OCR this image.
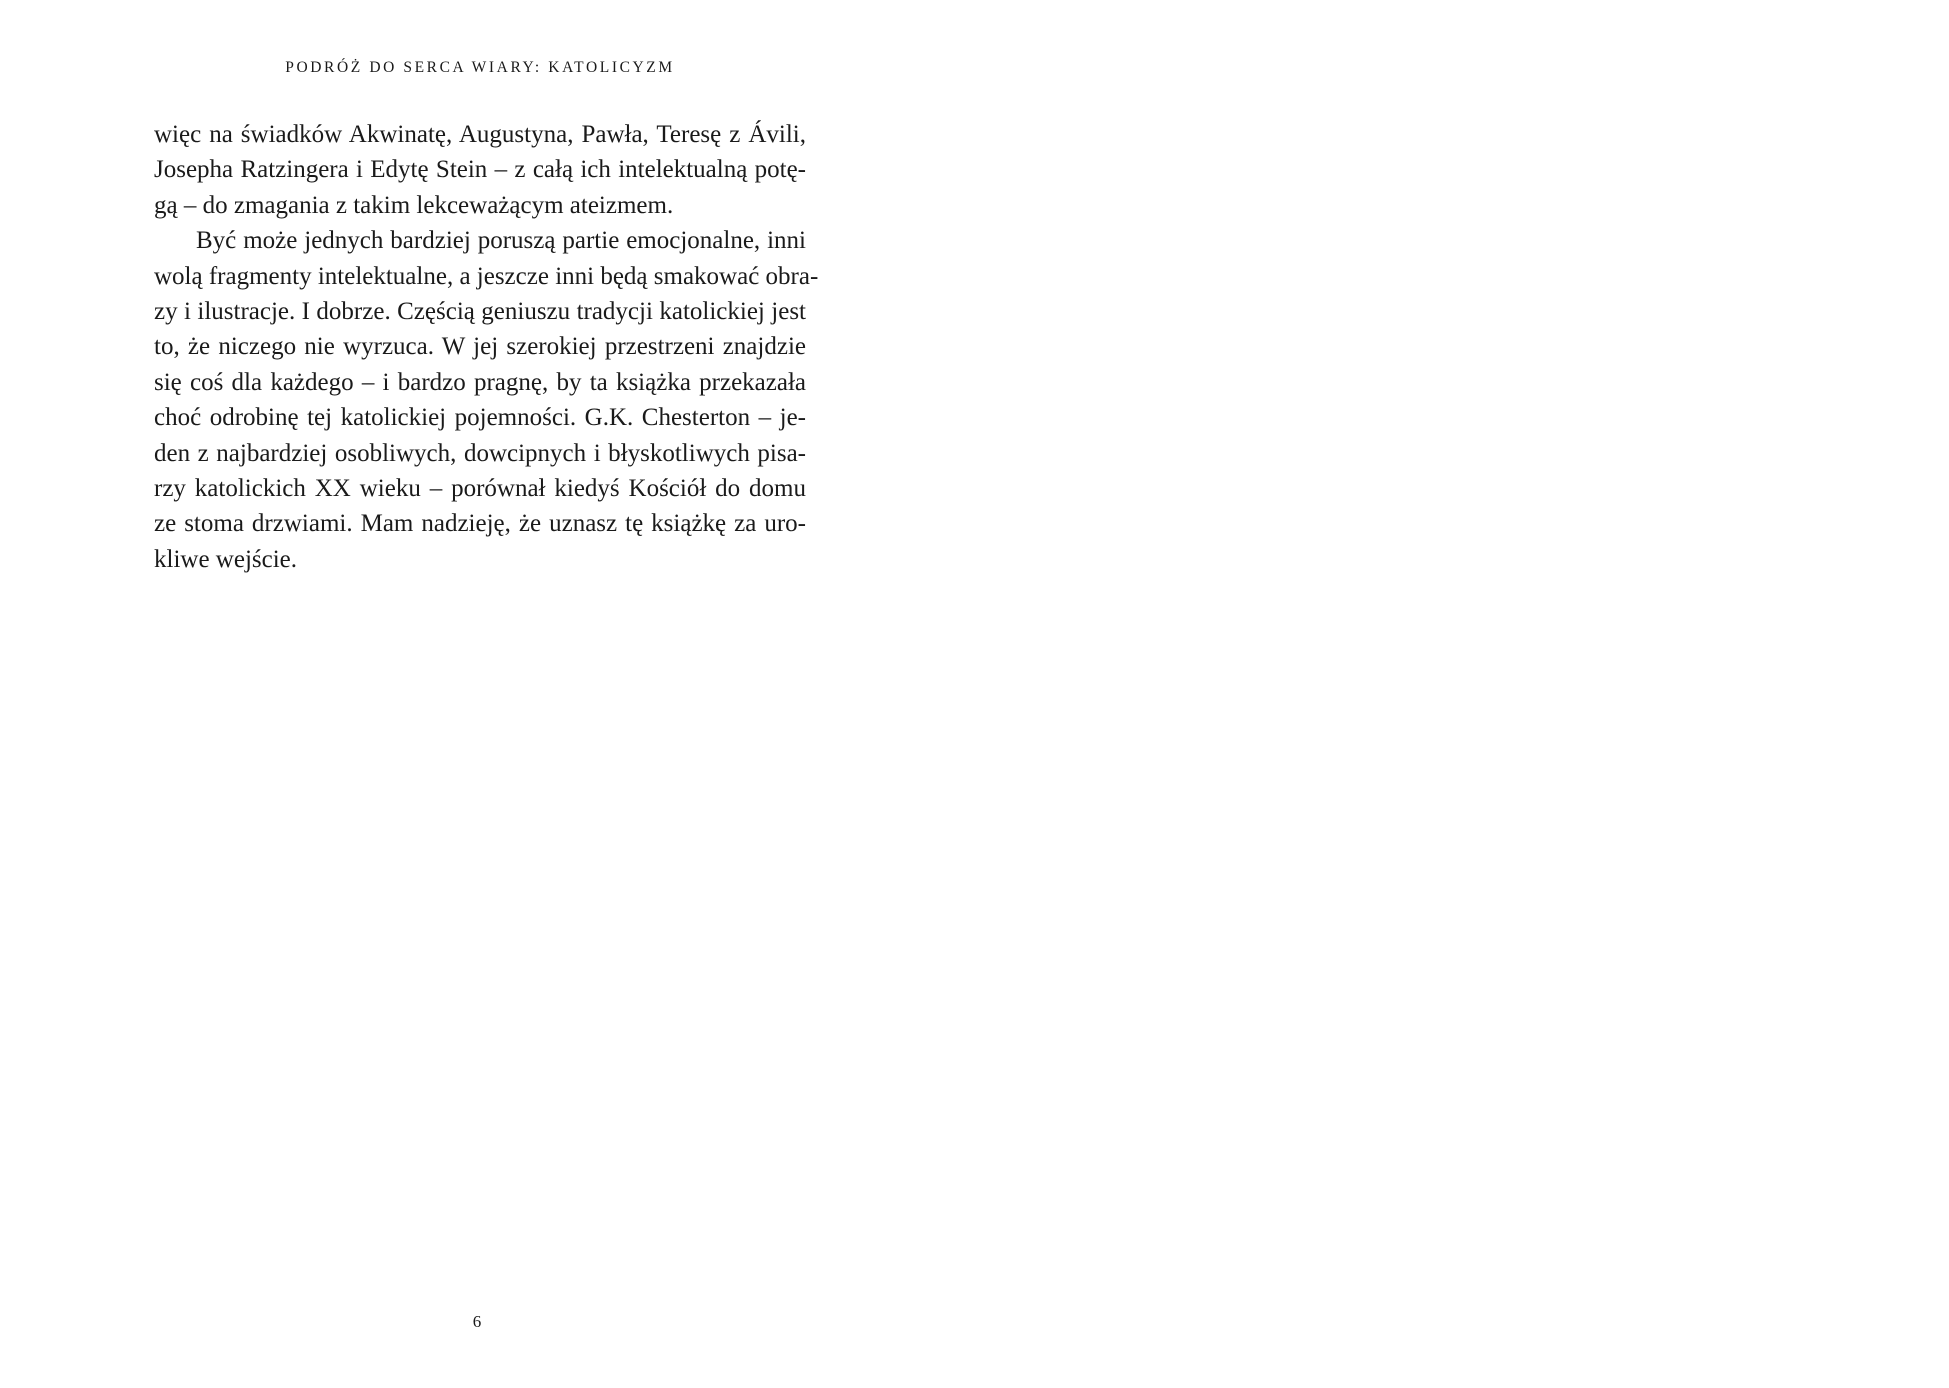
PODRÓŻ DO SERCA WIARY: KATOLICYZM
więc na świadków Akwinatę, Augustyna, Pawła, Teresę z Ávili,
Josepha Ratzingera i Edytę Stein – z całą ich intelektualną potę-
gą – do zmagania z takim lekceważącym ateizmem.
Być może jednych bardziej poruszą partie emocjonalne, inni
wolą fragmenty intelektualne, a jeszcze inni będą smakować obra-
zy i ilustracje. I dobrze. Częścią geniuszu tradycji katolickiej jest
to, że niczego nie wyrzuca. W jej szerokiej przestrzeni znajdzie
się coś dla każdego – i bardzo pragnę, by ta książka przekazała
choć odrobinę tej katolickiej pojemności. G.K. Chesterton – je-
den z najbardziej osobliwych, dowcipnych i błyskotliwych pisa-
rzy katolickich XX wieku – porównał kiedyś Kościół do domu
ze stoma drzwiami. Mam nadzieję, że uznasz tę książkę za uro-
kliwe wejście.
6
